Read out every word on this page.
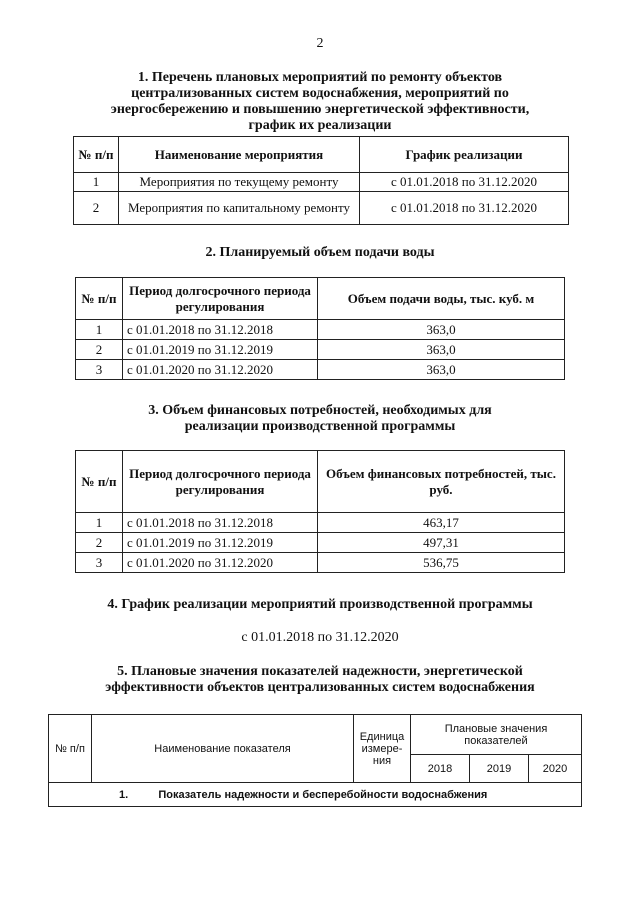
2
1. Перечень плановых мероприятий по ремонту объектов
централизованных систем водоснабжения, мероприятий по
энергосбережению и повышению энергетической эффективности,
график их реализации
№ п/п	Наименование мероприятия	График реализации
1	Мероприятия по текущему ремонту	с 01.01.2018 по 31.12.2020
2	Мероприятия по капитальному ремонту	с 01.01.2018 по 31.12.2020
2. Планируемый объем подачи воды
№ п/п	Период долгосрочного периода регулирования	Объем подачи воды, тыс. куб. м
1	с 01.01.2018 по 31.12.2018	363,0
2	с 01.01.2019 по 31.12.2019	363,0
3	с 01.01.2020 по 31.12.2020	363,0
3. Объем финансовых потребностей, необходимых для
реализации производственной программы
№ п/п	Период долгосрочного периода регулирования	Объем финансовых потребностей, тыс. руб.
1	с 01.01.2018 по 31.12.2018	463,17
2	с 01.01.2019 по 31.12.2019	497,31
3	с 01.01.2020 по 31.12.2020	536,75
4. График реализации мероприятий производственной программы
с 01.01.2018 по 31.12.2020
5. Плановые значения показателей надежности, энергетической
эффективности объектов централизованных систем водоснабжения
№ п/п	Наименование показателя	Единица измере- ния	Плановые значения показателей		
			2018	2019	2020
1. Показатель надежности и бесперебойности водоснабжения					
